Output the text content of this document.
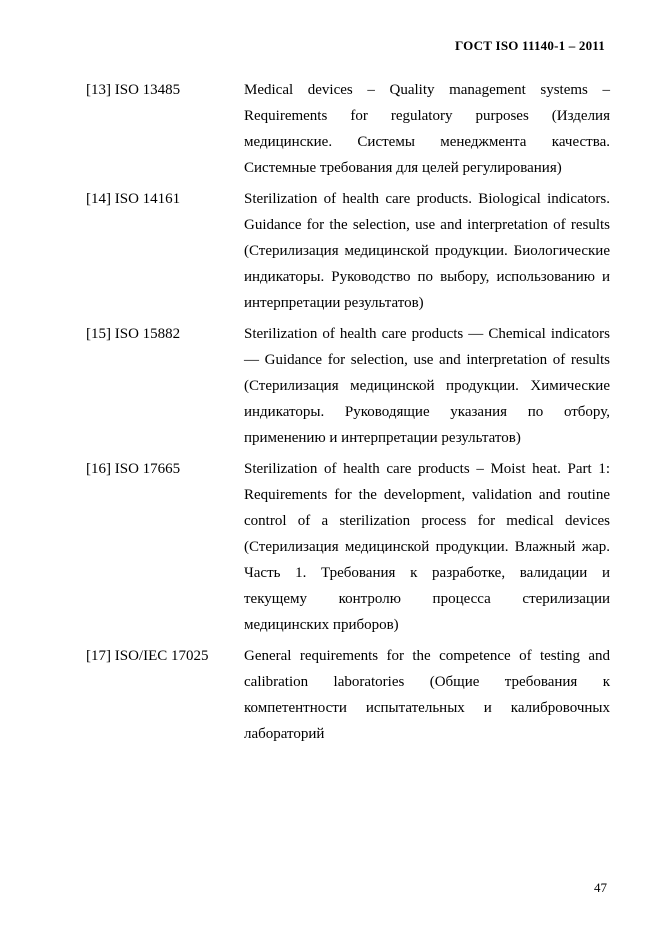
ГОСТ ISO 11140-1 – 2011
[13] ISO 13485	Medical devices – Quality management systems – Requirements for regulatory purposes (Изделия медицинские. Системы менеджмента качества. Системные требования для целей регулирования)
[14] ISO 14161	Sterilization of health care products. Biological indicators. Guidance for the selection, use and interpretation of results (Стерилизация медицинской продукции. Биологические индикаторы. Руководство по выбору, использованию и интерпретации результатов)
[15] ISO 15882	Sterilization of health care products — Chemical indicators — Guidance for selection, use and interpretation of results (Стерилизация медицинской продукции. Химические индикаторы. Руководящие указания по отбору, применению и интерпретации результатов)
[16] ISO 17665	Sterilization of health care products – Moist heat. Part 1: Requirements for the development, validation and routine control of a sterilization process for medical devices (Стерилизация медицинской продукции. Влажный жар. Часть 1. Требования к разработке, валидации и текущему контролю процесса стерилизации медицинских приборов)
[17] ISO/IEC 17025	General requirements for the competence of testing and calibration laboratories (Общие требования к компетентности испытательных и калибровочных лабораторий
47
